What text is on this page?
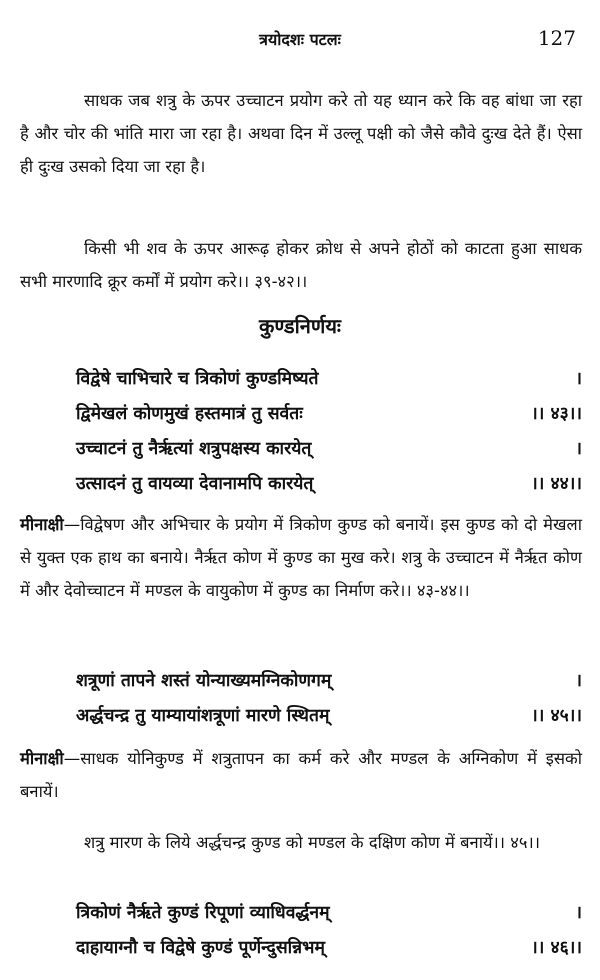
त्रयोदशः पटलः	127

साधक जब शत्रु के ऊपर उच्चाटन प्रयोग करे तो यह ध्यान करे कि वह बांधा जा रहा है और चोर की भांति मारा जा रहा है। अथवा दिन में उल्लू पक्षी को जैसे कौवे दुःख देते हैं। ऐसा ही दुःख उसको दिया जा रहा है।

किसी भी शव के ऊपर आरूढ़ होकर क्रोध से अपने होठों को काटता हुआ साधक सभी मारणादि क्रूर कर्मों में प्रयोग करे।। ३९-४२।।

कुण्डनिर्णयः
विद्वेषे चाभिचारे च त्रिकोणं कुण्डमिष्यते	।
द्विमेखलं कोणमुखं हस्तमात्रं तु सर्वतः	।। ४३।।
उच्चाटनं तु नैर्ऋत्यां शत्रुपक्षस्य कारयेत्	।
उत्सादनं तु वायव्या देवानामपि कारयेत्	।। ४४।।

मीनाक्षी—विद्वेषण और अभिचार के प्रयोग में त्रिकोण कुण्ड को बनायें। इस कुण्ड को दो मेखला से युक्त एक हाथ का बनाये। नैर्ऋत कोण में कुण्ड का मुख करे। शत्रु के उच्चाटन में नैर्ऋत कोण में और देवोच्चाटन में मण्डल के वायुकोण में कुण्ड का निर्माण करे।। ४३-४४।।

शत्रूणां तापने शस्तं योन्याख्यमग्निकोणगम्	।
अर्द्धचन्द्र तु याम्यायांशत्रूणां मारणे स्थितम्	।। ४५।।

मीनाक्षी—साधक योनिकुण्ड में शत्रुतापन का कर्म करे और मण्डल के अग्निकोण में इसको बनायें।

शत्रु मारण के लिये अर्द्धचन्द्र कुण्ड को मण्डल के दक्षिण कोण में बनायें।। ४५।।

त्रिकोणं नैर्ऋते कुण्डं रिपूणां व्याधिवर्द्धनम्	।
दाहायाग्नौ च विद्वेषे कुण्डं पूर्णेन्दुसन्निभम्	।। ४६।।
